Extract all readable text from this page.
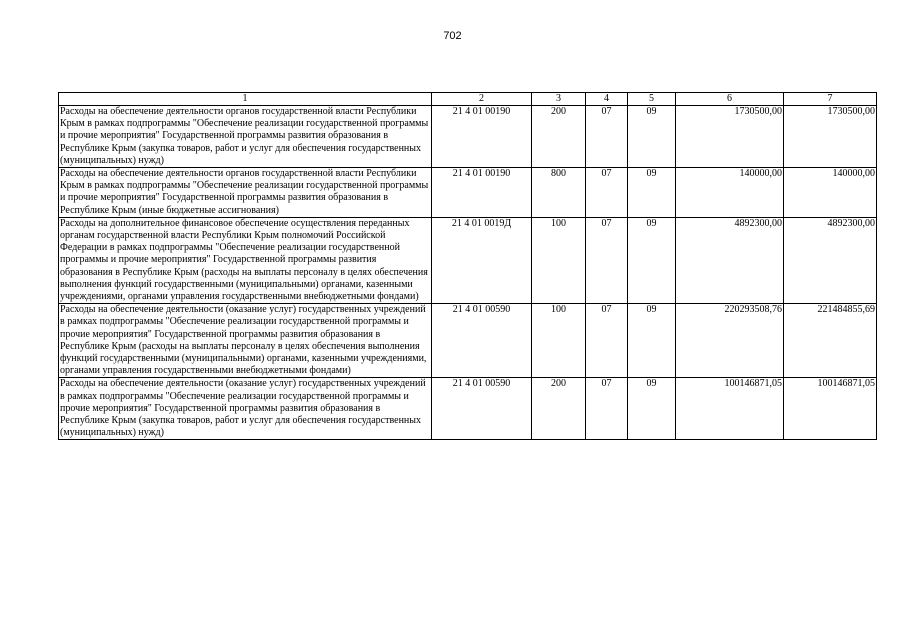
702
1	2	3	4	5	6	7
Расходы на обеспечение деятельности органов государственной власти Республики Крым в рамках подпрограммы "Обеспечение реализации государственной программы и прочие мероприятия" Государственной программы развития образования в Республике Крым (закупка товаров, работ и услуг для обеспечения государственных (муниципальных) нужд)	21 4 01 00190	200	07	09	1730500,00	1730500,00
Расходы на обеспечение деятельности органов государственной власти Республики Крым в рамках подпрограммы "Обеспечение реализации государственной программы и прочие мероприятия" Государственной программы развития образования в Республике Крым (иные бюджетные ассигнования)	21 4 01 00190	800	07	09	140000,00	140000,00
Расходы на дополнительное финансовое обеспечение осуществления переданных органам государственной власти Республики Крым полномочий Российской Федерации в рамках подпрограммы "Обеспечение реализации государственной программы и прочие мероприятия" Государственной программы развития образования в Республике Крым (расходы на выплаты персоналу в целях обеспечения выполнения функций государственными (муниципальными) органами, казенными учреждениями, органами управления государственными внебюджетными фондами)	21 4 01 0019Д	100	07	09	4892300,00	4892300,00
Расходы на обеспечение деятельности (оказание услуг) государственных учреждений в рамках подпрограммы "Обеспечение реализации государственной программы и прочие мероприятия" Государственной программы развития образования в Республике Крым (расходы на выплаты персоналу в целях обеспечения выполнения функций государственными (муниципальными) органами, казенными учреждениями, органами управления государственными внебюджетными фондами)	21 4 01 00590	100	07	09	220293508,76	221484855,69
Расходы на обеспечение деятельности (оказание услуг) государственных учреждений в рамках подпрограммы "Обеспечение реализации государственной программы и прочие мероприятия" Государственной программы развития образования в Республике Крым (закупка товаров, работ и услуг для обеспечения государственных (муниципальных) нужд)	21 4 01 00590	200	07	09	100146871,05	100146871,05
